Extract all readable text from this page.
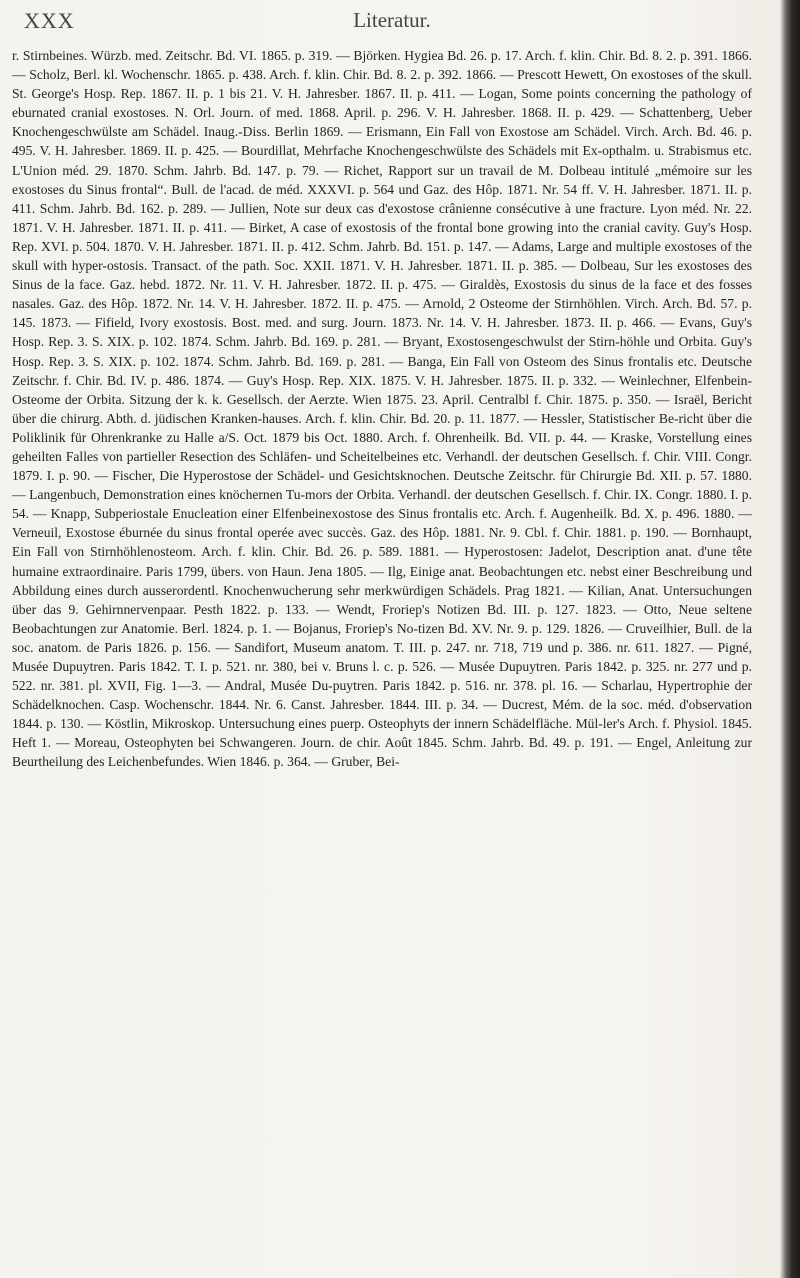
XXX	Literatur.

r. Stirnbeines. Würzb. med. Zeitschr. Bd. VI. 1865. p. 319. — Björken. Hygiea Bd. 26. p. 17. Arch. f. klin. Chir. Bd. 8. 2. p. 391. 1866. — Scholz, Berl. kl. Wochenschr. 1865. p. 438. Arch. f. klin. Chir. Bd. 8. 2. p. 392. 1866. — Prescott Hewett, On exostoses of the skull. St. George's Hosp. Rep. 1867. II. p. 1 bis 21. V. H. Jahresber. 1867. II. p. 411. — Logan, Some points concerning the pathology of eburnated cranial exostoses. N. Orl. Journ. of med. 1868. April. p. 296. V. H. Jahresber. 1868. II. p. 429. — Schattenberg, Ueber Knochengeschwülste am Schädel. Inaug.-Diss. Berlin 1869. — Erismann, Ein Fall von Exostose am Schädel. Virch. Arch. Bd. 46. p. 495. V. H. Jahresber. 1869. II. p. 425. — Bourdillat, Mehrfache Knochengeschwülste des Schädels mit Ex-opthalm. u. Strabismus etc. L'Union méd. 29. 1870. Schm. Jahrb. Bd. 147. p. 79. — Richet, Rapport sur un travail de M. Dolbeau intitulé „mémoire sur les exostoses du Sinus frontal“. Bull. de l'acad. de méd. XXXVI. p. 564 und Gaz. des Hôp. 1871. Nr. 54 ff. V. H. Jahresber. 1871. II. p. 411. Schm. Jahrb. Bd. 162. p. 289. — Jullien, Note sur deux cas d'exostose crânienne consécutive à une fracture. Lyon méd. Nr. 22. 1871. V. H. Jahresber. 1871. II. p. 411. — Birket, A case of exostosis of the frontal bone growing into the cranial cavity. Guy's Hosp. Rep. XVI. p. 504. 1870. V. H. Jahresber. 1871. II. p. 412. Schm. Jahrb. Bd. 151. p. 147. — Adams, Large and multiple exostoses of the skull with hyper-ostosis. Transact. of the path. Soc. XXII. 1871. V. H. Jahresber. 1871. II. p. 385. — Dolbeau, Sur les exostoses des Sinus de la face. Gaz. hebd. 1872. Nr. 11. V. H. Jahresber. 1872. II. p. 475. — Giraldès, Exostosis du sinus de la face et des fosses nasales. Gaz. des Hôp. 1872. Nr. 14. V. H. Jahresber. 1872. II. p. 475. — Arnold, 2 Osteome der Stirnhöhlen. Virch. Arch. Bd. 57. p. 145. 1873. — Fifield, Ivory exostosis. Bost. med. and surg. Journ. 1873. Nr. 14. V. H. Jahresber. 1873. II. p. 466. — Evans, Guy's Hosp. Rep. 3. S. XIX. p. 102. 1874. Schm. Jahrb. Bd. 169. p. 281. — Bryant, Exostosengeschwulst der Stirn-höhle und Orbita. Guy's Hosp. Rep. 3. S. XIX. p. 102. 1874. Schm. Jahrb. Bd. 169. p. 281. — Banga, Ein Fall von Osteom des Sinus frontalis etc. Deutsche Zeitschr. f. Chir. Bd. IV. p. 486. 1874. — Guy's Hosp. Rep. XIX. 1875. V. H. Jahresber. 1875. II. p. 332. — Weinlechner, Elfenbein-Osteome der Orbita. Sitzung der k. k. Gesellsch. der Aerzte. Wien 1875. 23. April. Centralbl f. Chir. 1875. p. 350. — Israël, Bericht über die chirurg. Abth. d. jüdischen Kranken-hauses. Arch. f. klin. Chir. Bd. 20. p. 11. 1877. — Hessler, Statistischer Be-richt über die Poliklinik für Ohrenkranke zu Halle a/S. Oct. 1879 bis Oct. 1880. Arch. f. Ohrenheilk. Bd. VII. p. 44. — Kraske, Vorstellung eines geheilten Falles von partieller Resection des Schläfen- und Scheitelbeines etc. Verhandl. der deutschen Gesellsch. f. Chir. VIII. Congr. 1879. I. p. 90. — Fischer, Die Hyperostose der Schädel- und Gesichtsknochen. Deutsche Zeitschr. für Chirurgie Bd. XII. p. 57. 1880. — Langenbuch, Demonstration eines knöchernen Tu-mors der Orbita. Verhandl. der deutschen Gesellsch. f. Chir. IX. Congr. 1880. I. p. 54. — Knapp, Subperiostale Enucleation einer Elfenbeinexostose des Sinus frontalis etc. Arch. f. Augenheilk. Bd. X. p. 496. 1880. — Verneuil, Exostose éburnée du sinus frontal operée avec succès. Gaz. des Hôp. 1881. Nr. 9. Cbl. f. Chir. 1881. p. 190. — Bornhaupt, Ein Fall von Stirnhöhlenosteom. Arch. f. klin. Chir. Bd. 26. p. 589. 1881. — Hyperostosen: Jadelot, Description anat. d'une tête humaine extraordinaire. Paris 1799, übers. von Haun. Jena 1805. — Ilg, Einige anat. Beobachtungen etc. nebst einer Beschreibung und Abbildung eines durch ausserordentl. Knochenwucherung sehr merkwürdigen Schädels. Prag 1821. — Kilian, Anat. Untersuchungen über das 9. Gehirnnervenpaar. Pesth 1822. p. 133. — Wendt, Froriep's Notizen Bd. III. p. 127. 1823. — Otto, Neue seltene Beobachtungen zur Anatomie. Berl. 1824. p. 1. — Bojanus, Froriep's No-tizen Bd. XV. Nr. 9. p. 129. 1826. — Cruveilhier, Bull. de la soc. anatom. de Paris 1826. p. 156. — Sandifort, Museum anatom. T. III. p. 247. nr. 718, 719 und p. 386. nr. 611. 1827. — Pigné, Musée Dupuytren. Paris 1842. T. I. p. 521. nr. 380, bei v. Bruns l. c. p. 526. — Musée Dupuytren. Paris 1842. p. 325. nr. 277 und p. 522. nr. 381. pl. XVII, Fig. 1—3. — Andral, Musée Du-puytren. Paris 1842. p. 516. nr. 378. pl. 16. — Scharlau, Hypertrophie der Schädelknochen. Casp. Wochenschr. 1844. Nr. 6. Canst. Jahresber. 1844. III. p. 34. — Ducrest, Mém. de la soc. méd. d'observation 1844. p. 130. — Köstlin, Mikroskop. Untersuchung eines puerp. Osteophyts der innern Schädelfläche. Mül-ler's Arch. f. Physiol. 1845. Heft 1. — Moreau, Osteophyten bei Schwangeren. Journ. de chir. Août 1845. Schm. Jahrb. Bd. 49. p. 191. — Engel, Anleitung zur Beurtheilung des Leichenbefundes. Wien 1846. p. 364. — Gruber, Bei-
